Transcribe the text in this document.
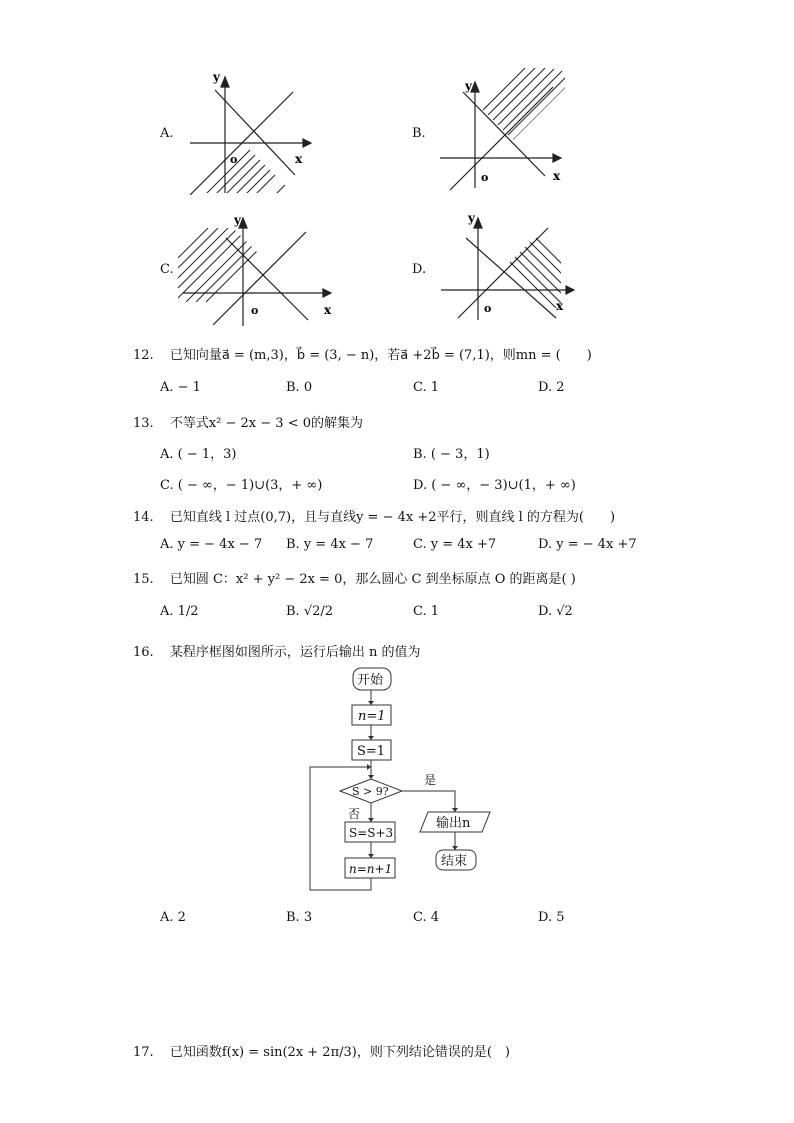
A.
y
x
o
B.
y
x
o
C.
y
x
o
D.
y
x
o
12. 已知向量a⃗ = (m,3)，b⃗ = (3, − n)，若a⃗ +2b⃗ = (7,1)，则mn = (　　)
A. − 1	B. 0	C. 1	D. 2
13. 不等式x² − 2x − 3 < 0的解集为
A. ( − 1，3)	B. ( − 3，1)
C. ( − ∞，− 1)∪(3，+ ∞)	D. ( − ∞，− 3)∪(1，+ ∞)
14. 已知直线 l 过点(0,7)，且与直线y = − 4x +2平行，则直线 l 的方程为(　　)
A. y = − 4x − 7 B. y = 4x − 7	C. y = 4x +7	D. y = − 4x +7
15. 已知圆 C：x² + y² − 2x = 0，那么圆心 C 到坐标原点 O 的距离是( )
A. 1/2	B. √2/2	C. 1	D. √2
16. 某程序框图如图所示，运行后输出 n 的值为
开始
n=1
S=1
S > 9?
是
否
S=S+3
n=n+1
输出n
结束
A. 2	B. 3	C. 4	D. 5
17. 已知函数f(x) = sin(2x + 2π/3)，则下列结论错误的是(　)
